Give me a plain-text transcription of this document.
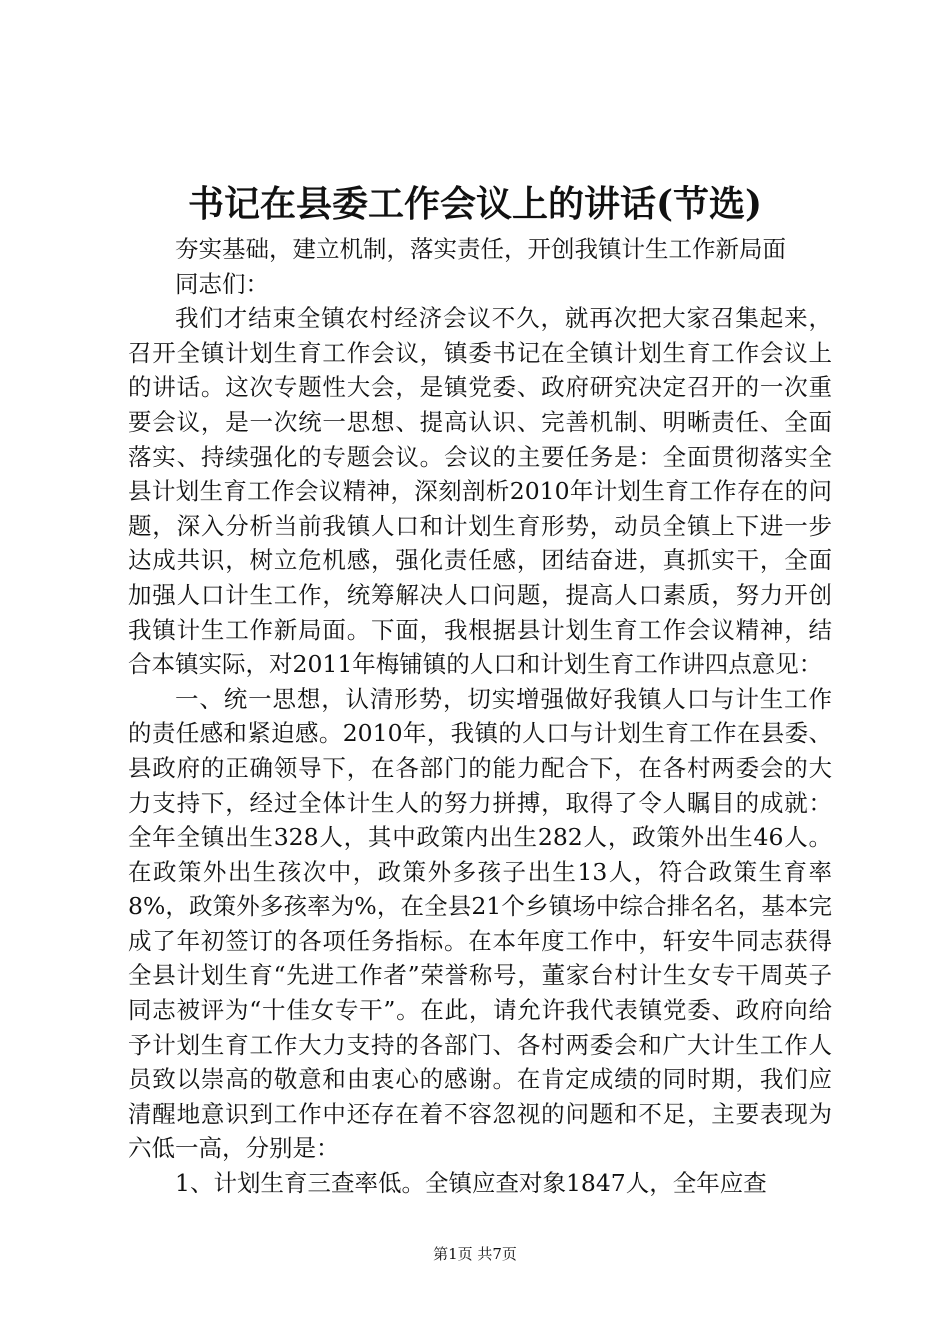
书记在县委工作会议上的讲话(节选)

夯实基础，建立机制，落实责任，开创我镇计生工作新局面

同志们：

我们才结束全镇农村经济会议不久，就再次把大家召集起来，召开全镇计划生育工作会议，镇委书记在全镇计划生育工作会议上的讲话。这次专题性大会，是镇党委、政府研究决定召开的一次重要会议，是一次统一思想、提高认识、完善机制、明晰责任、全面落实、持续强化的专题会议。会议的主要任务是：全面贯彻落实全县计划生育工作会议精神，深刻剖析2010年计划生育工作存在的问题，深入分析当前我镇人口和计划生育形势，动员全镇上下进一步达成共识，树立危机感，强化责任感，团结奋进，真抓实干，全面加强人口计生工作，统筹解决人口问题，提高人口素质，努力开创我镇计生工作新局面。下面，我根据县计划生育工作会议精神，结合本镇实际，对2011年梅铺镇的人口和计划生育工作讲四点意见：

一、统一思想，认清形势，切实增强做好我镇人口与计生工作的责任感和紧迫感。2010年，我镇的人口与计划生育工作在县委、县政府的正确领导下，在各部门的能力配合下，在各村两委会的大力支持下，经过全体计生人的努力拼搏，取得了令人瞩目的成就：全年全镇出生328人，其中政策内出生282人，政策外出生46人。在政策外出生孩次中，政策外多孩子出生13人，符合政策生育率8%，政策外多孩率为%，在全县21个乡镇场中综合排名名，基本完成了年初签订的各项任务指标。在本年度工作中，轩安牛同志获得全县计划生育“先进工作者”荣誉称号，董家台村计生女专干周英子同志被评为“十佳女专干”。在此，请允许我代表镇党委、政府向给予计划生育工作大力支持的各部门、各村两委会和广大计生工作人员致以崇高的敬意和由衷心的感谢。在肯定成绩的同时期，我们应清醒地意识到工作中还存在着不容忽视的问题和不足，主要表现为六低一高，分别是：

1、计划生育三查率低。全镇应查对象1847人，全年应查

第1页 共7页
